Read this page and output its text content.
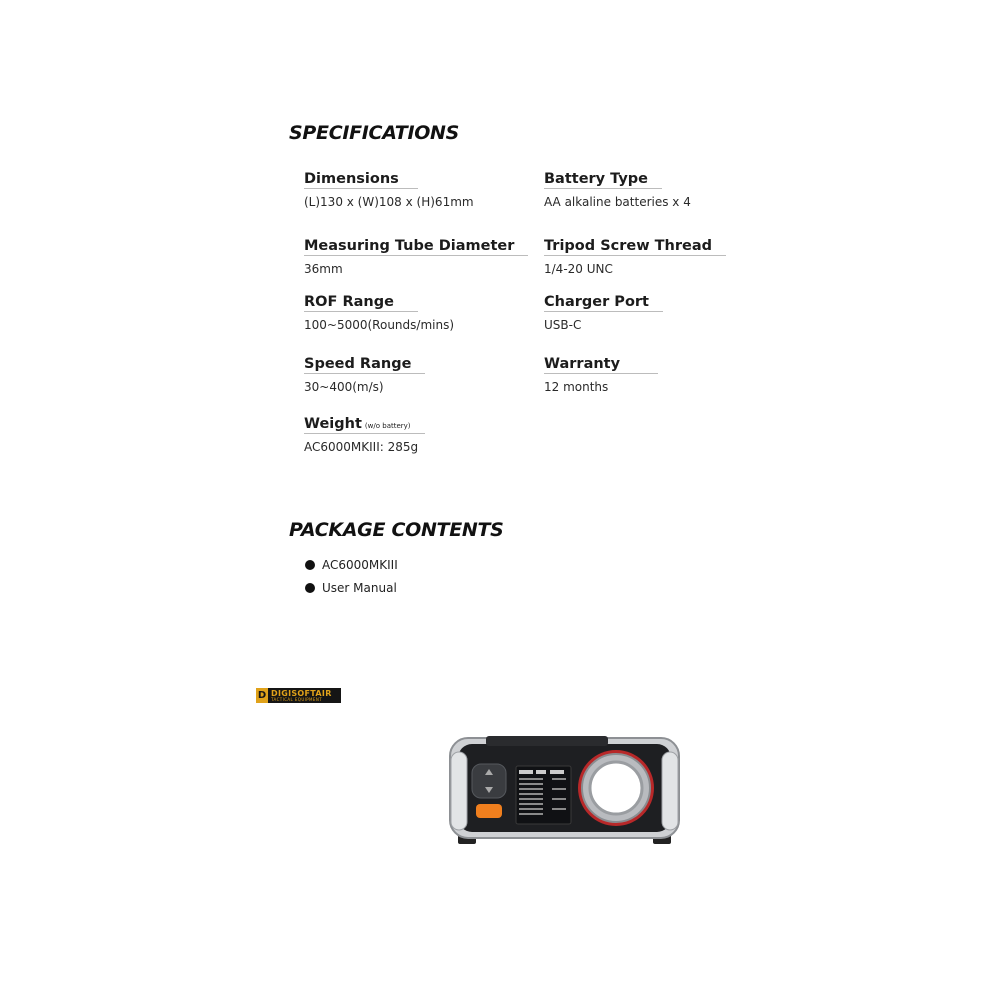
SPECIFICATIONS
Dimensions
(L)130 x (W)108 x (H)61mm
Measuring Tube Diameter
36mm
ROF Range
100~5000(Rounds/mins)
Speed Range
30~400(m/s)
Weight (w/o battery)
AC6000MKIII: 285g
Battery Type
AA alkaline batteries x 4
Tripod Screw Thread
1/4-20 UNC
Charger Port
USB-C
Warranty
12 months
PACKAGE CONTENTS
AC6000MKIII
User Manual
D DIGISOFTAIR
TACTICAL EQUIPMENT
